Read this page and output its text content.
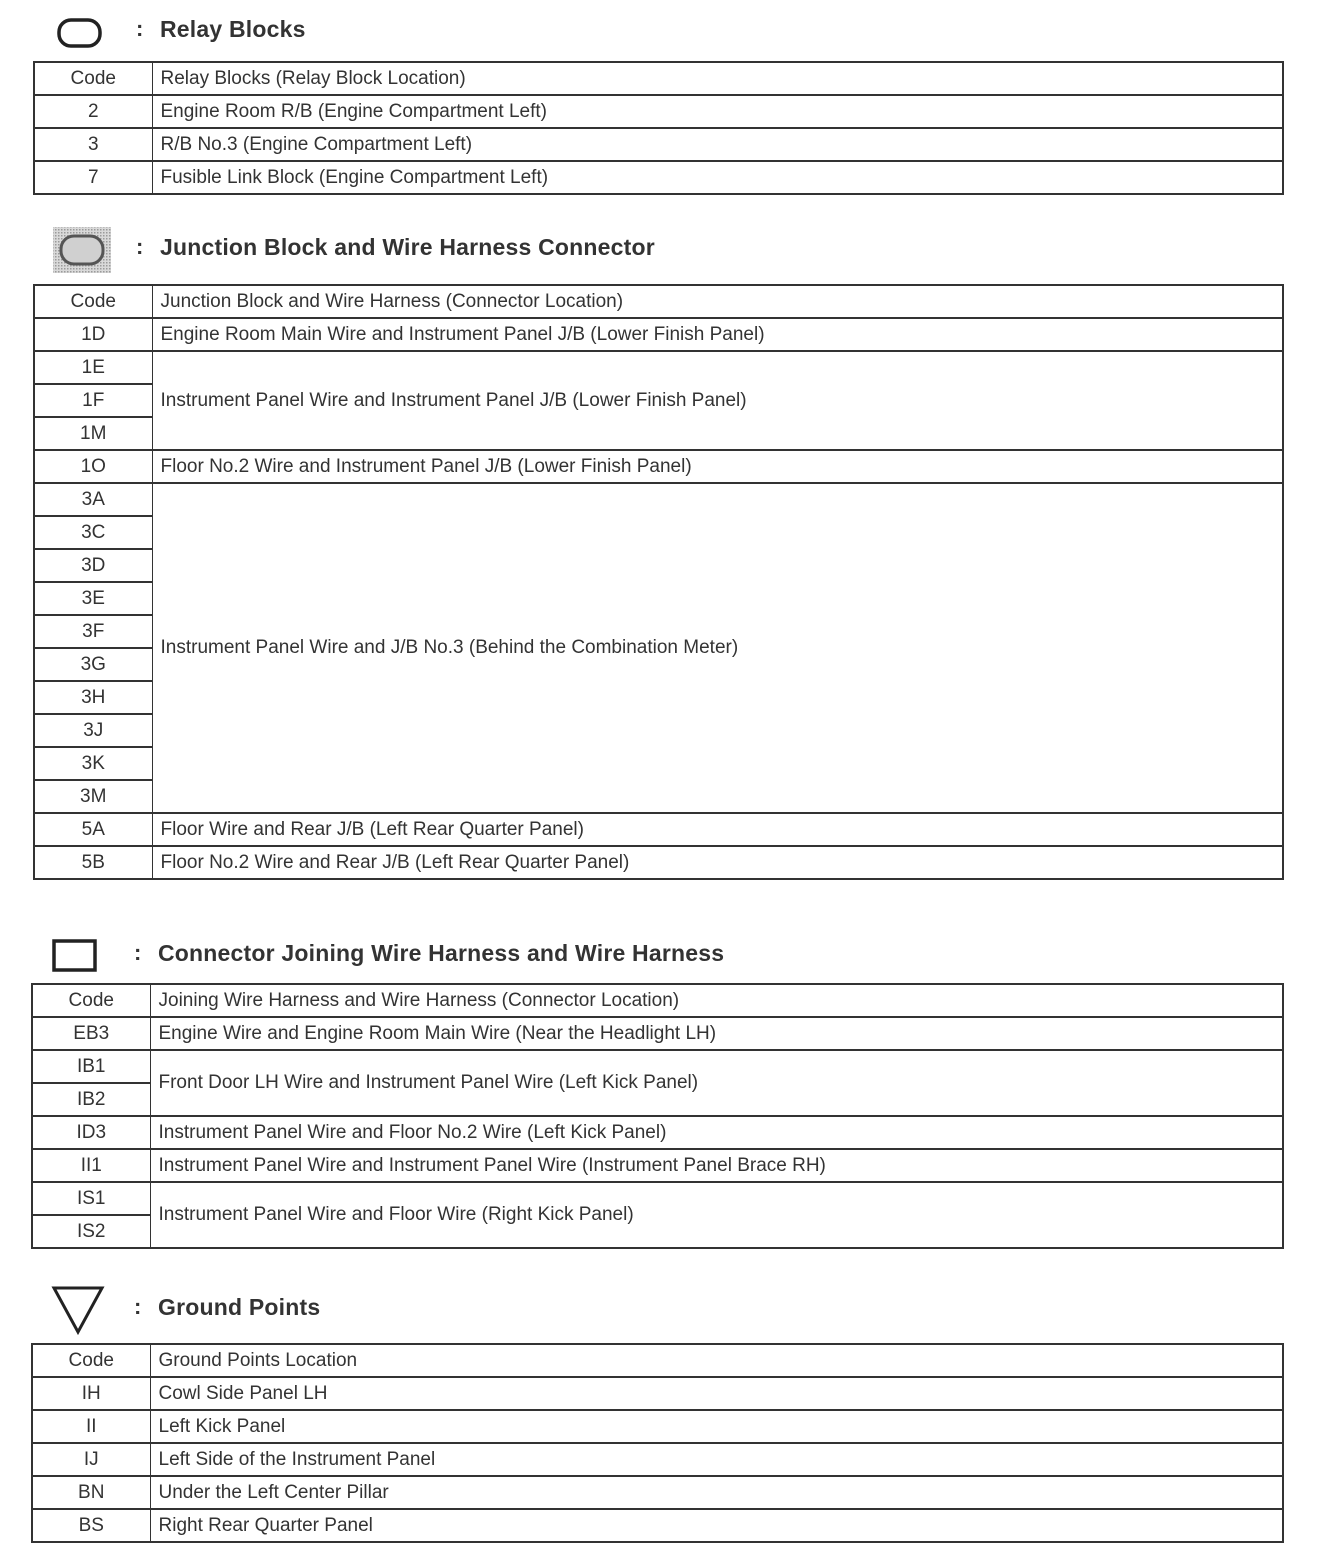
: Relay Blocks
Code	Relay Blocks (Relay Block Location)
2	Engine Room R/B (Engine Compartment Left)
3	R/B No.3 (Engine Compartment Left)
7	Fusible Link Block (Engine Compartment Left)
: Junction Block and Wire Harness Connector
Code	Junction Block and Wire Harness (Connector Location)
1D	Engine Room Main Wire and Instrument Panel J/B (Lower Finish Panel)
1E	Instrument Panel Wire and Instrument Panel J/B (Lower Finish Panel)
1F	
1M	
1O	Floor No.2 Wire and Instrument Panel J/B (Lower Finish Panel)
3A	Instrument Panel Wire and J/B No.3 (Behind the Combination Meter)
3C	
3D	
3E	
3F	
3G	
3H	
3J	
3K	
3M	
5A	Floor Wire and Rear J/B (Left Rear Quarter Panel)
5B	Floor No.2 Wire and Rear J/B (Left Rear Quarter Panel)
: Connector Joining Wire Harness and Wire Harness
Code	Joining Wire Harness and Wire Harness (Connector Location)
EB3	Engine Wire and Engine Room Main Wire (Near the Headlight LH)
IB1	Front Door LH Wire and Instrument Panel Wire (Left Kick Panel)
IB2	
ID3	Instrument Panel Wire and Floor No.2 Wire (Left Kick Panel)
II1	Instrument Panel Wire and Instrument Panel Wire (Instrument Panel Brace RH)
IS1	Instrument Panel Wire and Floor Wire (Right Kick Panel)
IS2	
: Ground Points
Code	Ground Points Location
IH	Cowl Side Panel LH
II	Left Kick Panel
IJ	Left Side of the Instrument Panel
BN	Under the Left Center Pillar
BS	Right Rear Quarter Panel
